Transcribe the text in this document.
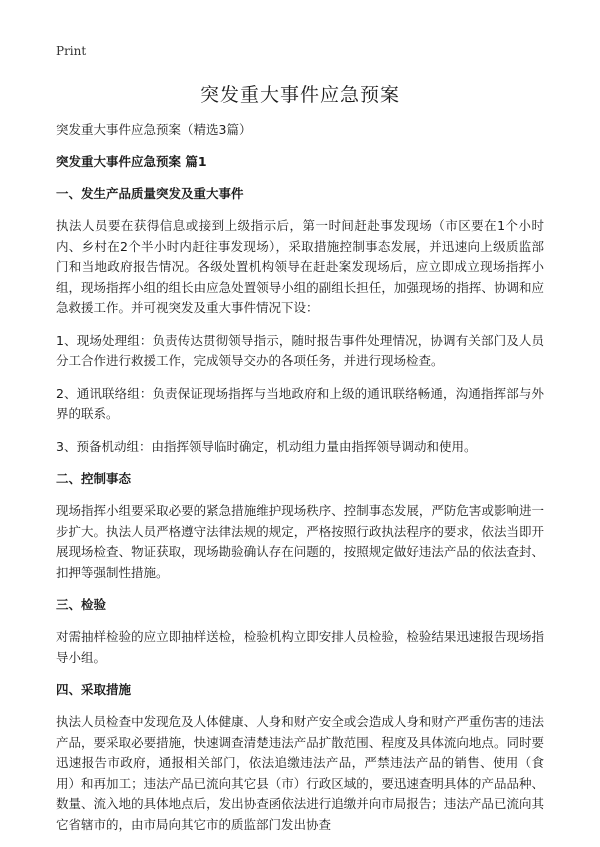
Print
突发重大事件应急预案

突发重大事件应急预案（精选3篇）

突发重大事件应急预案 篇1

一、发生产品质量突发及重大事件

执法人员要在获得信息或接到上级指示后，第一时间赶赴事发现场（市区要在1个小时内、乡村在2个半小时内赶往事发现场），采取措施控制事态发展，并迅速向上级质监部门和当地政府报告情况。各级处置机构领导在赶赴案发现场后，应立即成立现场指挥小组，现场指挥小组的组长由应急处置领导小组的副组长担任，加强现场的指挥、协调和应急救援工作。并可视突发及重大事件情况下设：

1、现场处理组：负责传达贯彻领导指示，随时报告事件处理情况，协调有关部门及人员分工合作进行救援工作，完成领导交办的各项任务，并进行现场检查。

2、通讯联络组：负责保证现场指挥与当地政府和上级的通讯联络畅通，沟通指挥部与外界的联系。

3、预备机动组：由指挥领导临时确定，机动组力量由指挥领导调动和使用。

二、控制事态

现场指挥小组要采取必要的紧急措施维护现场秩序、控制事态发展，严防危害或影响进一步扩大。执法人员严格遵守法律法规的规定，严格按照行政执法程序的要求，依法当即开展现场检查、物证获取，现场勘验确认存在问题的，按照规定做好违法产品的依法查封、扣押等强制性措施。

三、检验

对需抽样检验的应立即抽样送检，检验机构立即安排人员检验，检验结果迅速报告现场指导小组。

四、采取措施

执法人员检查中发现危及人体健康、人身和财产安全或会造成人身和财产严重伤害的违法产品，要采取必要措施，快速调查清楚违法产品扩散范围、程度及具体流向地点。同时要迅速报告市政府，通报相关部门，依法追缴违法产品，严禁违法产品的销售、使用（食用）和再加工；违法产品已流向其它县（市）行政区域的，要迅速查明具体的产品品种、数量、流入地的具体地点后，发出协查函依法进行追缴并向市局报告；违法产品已流向其它省辖市的，由市局向其它市的质监部门发出协查
